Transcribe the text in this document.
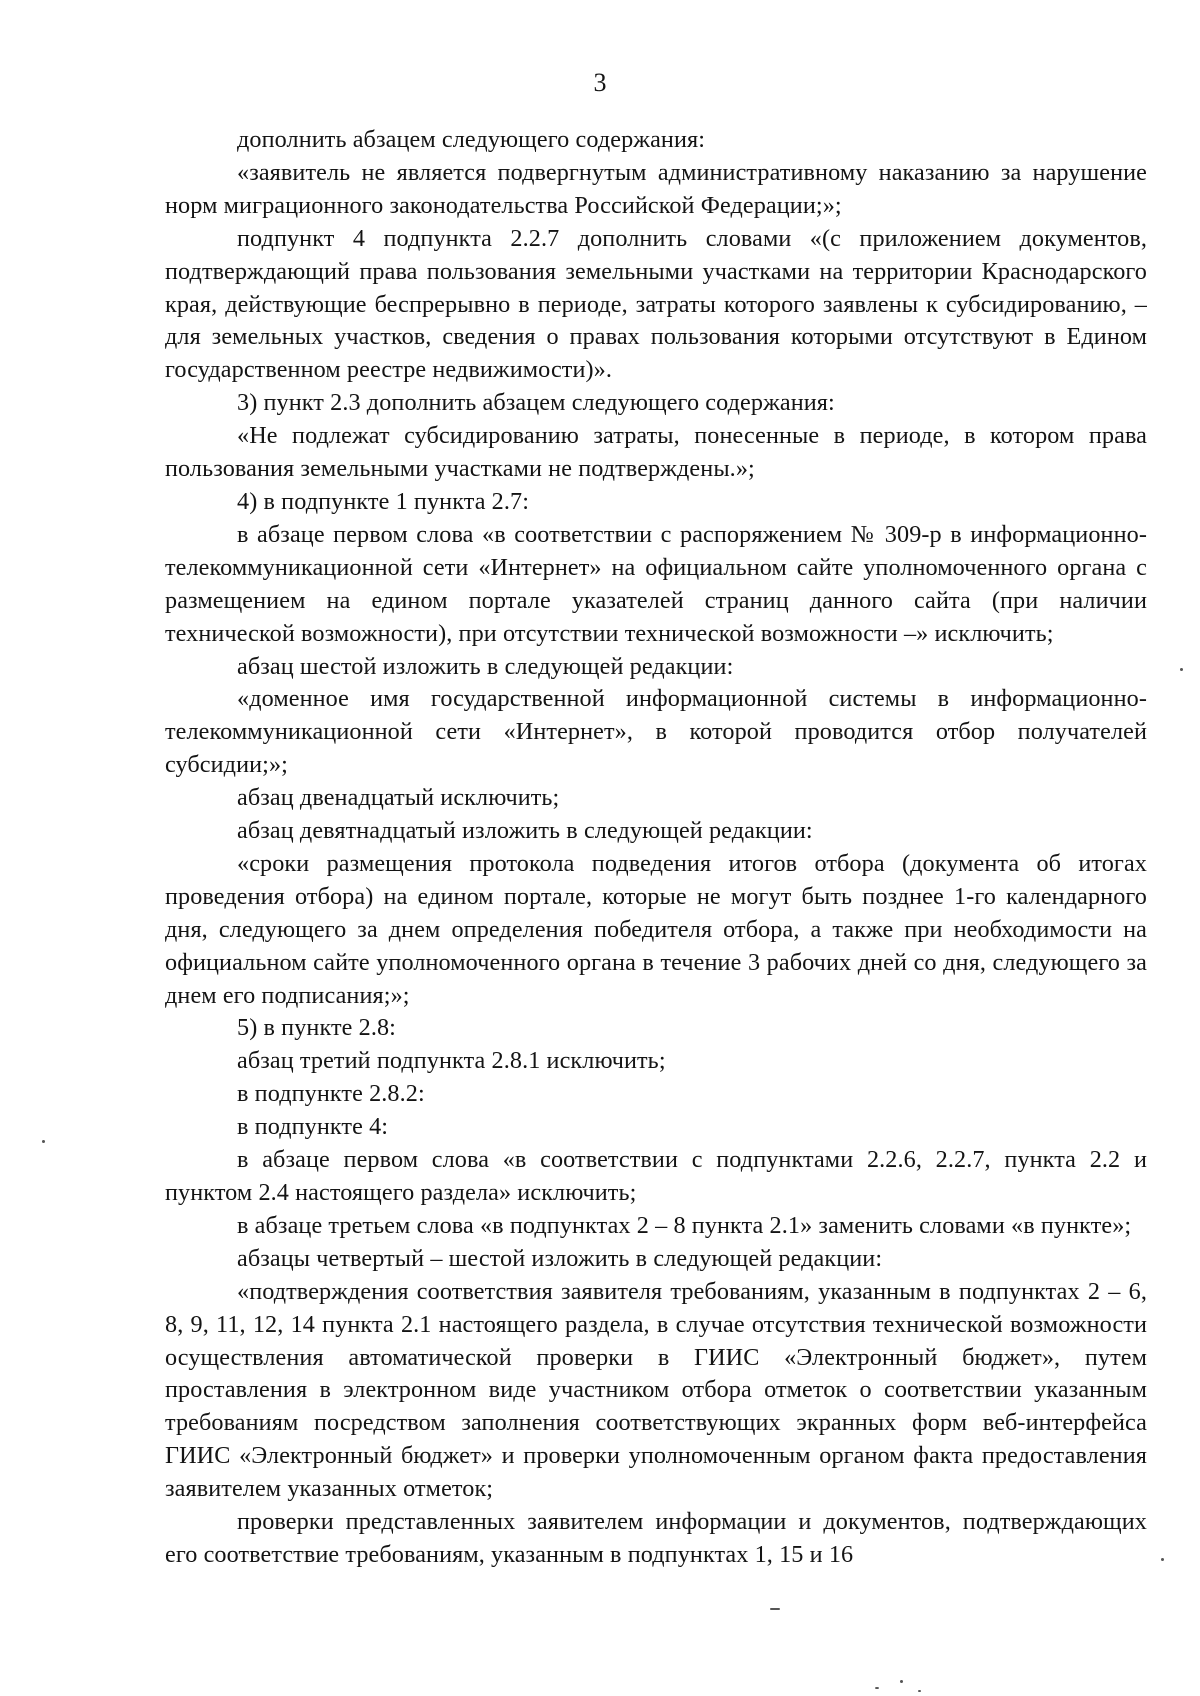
3

дополнить абзацем следующего содержания:

«заявитель не является подвергнутым административному наказанию за нарушение норм миграционного законодательства Российской Федерации;»;

подпункт 4 подпункта 2.2.7 дополнить словами «(с приложением документов, подтверждающий права пользования земельными участками на территории Краснодарского края, действующие беспрерывно в периоде, затраты которого заявлены к субсидированию, – для земельных участков, сведения о правах пользования которыми отсутствуют в Едином государственном реестре недвижимости)».

3) пункт 2.3 дополнить абзацем следующего содержания:

«Не подлежат субсидированию затраты, понесенные в периоде, в котором права пользования земельными участками не подтверждены.»;

4) в подпункте 1 пункта 2.7:

в абзаце первом слова «в соответствии с распоряжением № 309-р в информационно-телекоммуникационной сети «Интернет» на официальном сайте уполномоченного органа с размещением на едином портале указателей страниц данного сайта (при наличии технической возможности), при отсутствии технической возможности –» исключить;

абзац шестой изложить в следующей редакции:

«доменное имя государственной информационной системы в информационно-телекоммуникационной сети «Интернет», в которой проводится отбор получателей субсидии;»;

абзац двенадцатый исключить;

абзац девятнадцатый изложить в следующей редакции:

«сроки размещения протокола подведения итогов отбора (документа об итогах проведения отбора) на едином портале, которые не могут быть позднее 1-го календарного дня, следующего за днем определения победителя отбора, а также при необходимости на официальном сайте уполномоченного органа в течение 3 рабочих дней со дня, следующего за днем его подписания;»;

5) в пункте 2.8:

абзац третий подпункта 2.8.1 исключить;

в подпункте 2.8.2:

в подпункте 4:

в абзаце первом слова «в соответствии с подпунктами 2.2.6, 2.2.7, пункта 2.2 и пунктом 2.4 настоящего раздела» исключить;

в абзаце третьем слова «в подпунктах 2 – 8 пункта 2.1» заменить словами «в пункте»;

абзацы четвертый – шестой изложить в следующей редакции:

«подтверждения соответствия заявителя требованиям, указанным в подпунктах 2 – 6, 8, 9, 11, 12, 14 пункта 2.1 настоящего раздела, в случае отсутствия технической возможности осуществления автоматической проверки в ГИИС «Электронный бюджет», путем проставления в электронном виде участником отбора отметок о соответствии указанным требованиям посредством заполнения соответствующих экранных форм веб-интерфейса ГИИС «Электронный бюджет» и проверки уполномоченным органом факта предоставления заявителем указанных отметок;

проверки представленных заявителем информации и документов, подтверждающих его соответствие требованиям, указанным в подпунктах 1, 15 и 16
